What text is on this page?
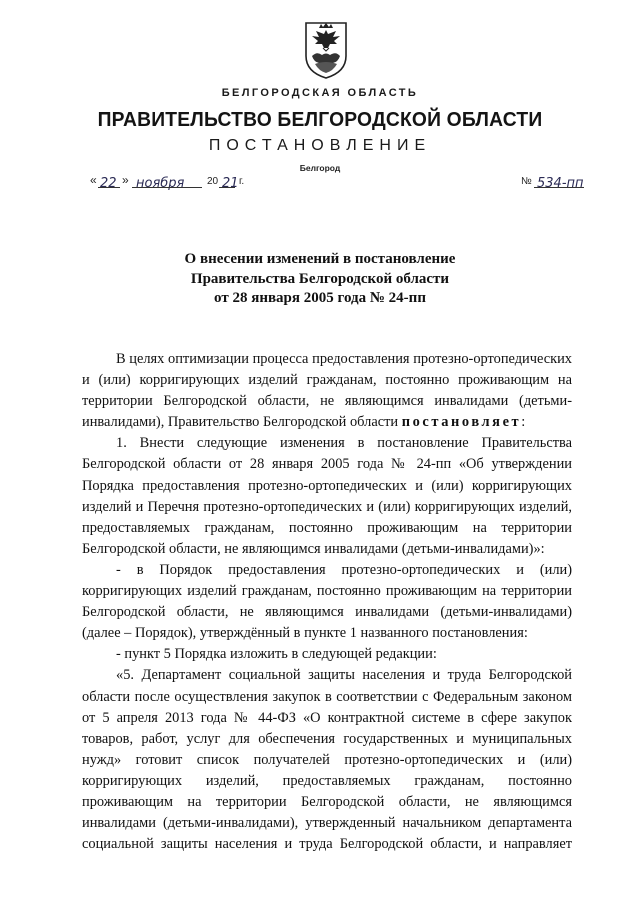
БЕЛГОРОДСКАЯ ОБЛАСТЬ
ПРАВИТЕЛЬСТВО БЕЛГОРОДСКОЙ ОБЛАСТИ
ПОСТАНОВЛЕНИЕ
Белгород
« 22 » ноября 20 21 г.	№ 534-пп
О внесении изменений в постановление
Правительства Белгородской области
от 28 января 2005 года № 24-пп

В целях оптимизации процесса предоставления протезно-ортопедических и (или) корригирующих изделий гражданам, постоянно проживающим на территории Белгородской области, не являющимся инвалидами (детьми-инвалидами), Правительство Белгородской области постановляет:

1. Внести следующие изменения в постановление Правительства Белгородской области от 28 января 2005 года № 24-пп «Об утверждении Порядка предоставления протезно-ортопедических и (или) корригирующих изделий и Перечня протезно-ортопедических и (или) корригирующих изделий, предоставляемых гражданам, постоянно проживающим на территории Белгородской области, не являющимся инвалидами (детьми-инвалидами)»:

- в Порядок предоставления протезно-ортопедических и (или) корригирующих изделий гражданам, постоянно проживающим на территории Белгородской области, не являющимся инвалидами (детьми-инвалидами) (далее – Порядок), утверждённый в пункте 1 названного постановления:

- пункт 5 Порядка изложить в следующей редакции:

«5. Департамент социальной защиты населения и труда Белгородской области после осуществления закупок в соответствии с Федеральным законом от 5 апреля 2013 года № 44-ФЗ «О контрактной системе в сфере закупок товаров, работ, услуг для обеспечения государственных и муниципальных нужд» готовит список получателей протезно-ортопедических и (или) корригирующих изделий, предоставляемых гражданам, постоянно проживающим на территории Белгородской области, не являющимся инвалидами (детьми-инвалидами), утвержденный начальником департамента социальной защиты населения и труда Белгородской области, и направляет
